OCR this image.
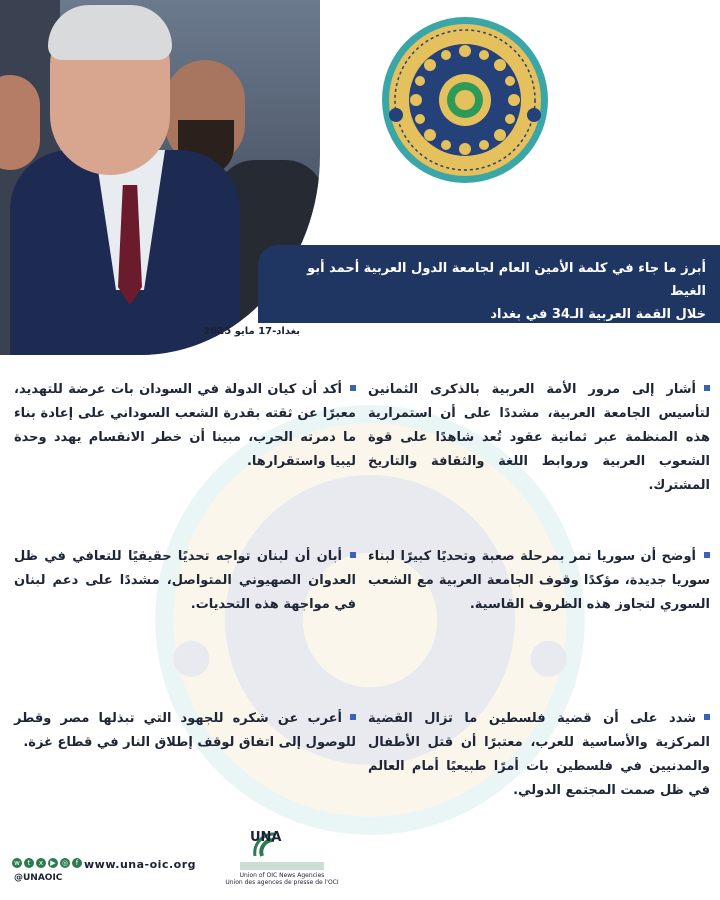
أبرز ما جاء في كلمة الأمين العام لجامعة الدول العربية أحمد أبو الغيط

خلال القمة العربية الـ34 في بغداد

بغداد-17 مايو 2025
أشار إلى مرور الأمة العربية بالذكرى الثمانين لتأسيس الجامعة العربية، مشددًا على أن استمرارية هذه المنظمة عبر ثمانية عقود تُعد شاهدًا على قوة الشعوب العربية وروابط اللغة والثقافة والتاريخ المشترك.
أوضح أن سوريا تمر بمرحلة صعبة وتحديًا كبيرًا لبناء سوريا جديدة، مؤكدًا وقوف الجامعة العربية مع الشعب السوري لتجاوز هذه الظروف القاسية.
شدد على أن قضية فلسطين ما تزال القضية المركزية والأساسية للعرب، معتبرًا أن قتل الأطفال والمدنيين في فلسطين بات أمرًا طبيعيًا أمام العالم في ظل صمت المجتمع الدولي.
أكد أن كيان الدولة في السودان بات عرضة للتهديد، معبرًا عن ثقته بقدرة الشعب السوداني على إعادة بناء ما دمرته الحرب، مبينا أن خطر الانقسام يهدد وحدة ليبيا واستقرارها.
أبان أن لبنان تواجه تحديًا حقيقيًا للتعافي في ظل العدوان الصهيوني المتواصل، مشددًا على دعم لبنان في مواجهة هذه التحديات.
أعرب عن شكره للجهود التي تبذلها مصر وقطر للوصول إلى اتفاق لوقف إطلاق النار في قطاع غزة.
w	t	x	▶ ◎	f
@UNAOIC
www.una-oic.org
UNA
Union of OIC News Agencies
Union des agences de presse de l'OCI
